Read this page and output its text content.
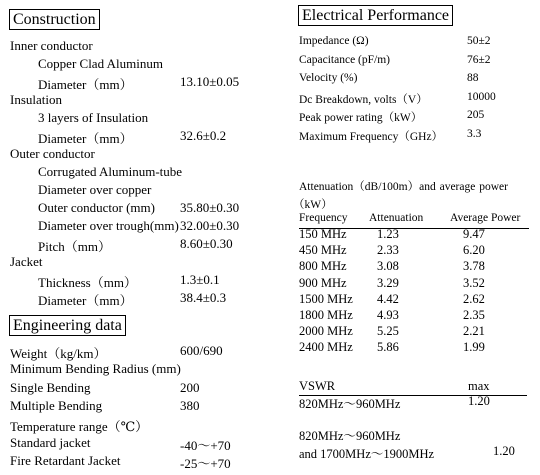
Construction
Inner conductor
Copper Clad Aluminum
Diameter（mm）	13.10±0.05
Insulation
3 layers of Insulation
Diameter（mm）	32.6±0.2
Outer conductor
Corrugated Aluminum-tube
Diameter over copper
Outer conductor (mm) 35.80±0.30
Diameter over trough(mm) 32.00±0.30
Pitch（mm）	8.60±0.30
Jacket
Thickness（mm）	1.3±0.1
Diameter（mm）	38.4±0.3
Engineering data
Weight（kg/km）	600/690
Minimum Bending Radius (mm)
Single Bending	200
Multiple Bending	380
Temperature range（℃）
Standard jacket	-40～+70
Fire Retardant Jacket	-25～+70
Electrical Performance
Impedance (Ω)	50±2
Capacitance (pF/m)	76±2
Velocity (%)	88
Dc Breakdown, volts（V）	10000
Peak power rating（kW）	205
Maximum Frequency（GHz） 3.3
Attenuation（dB/100m）and average power
（kW）
Frequency Attenuation Average Power
150 MHz 1.23	9.47
450 MHz 2.33	6.20
800 MHz 3.08	3.78
900 MHz 3.29	3.52
1500 MHz 4.42	2.62
1800 MHz 4.93	2.35
2000 MHz 5.25	2.21
2400 MHz 5.86	1.99
VSWR	max
820MHz～960MHz	1.20
820MHz～960MHz
and 1700MHz～1900MHz	1.20
